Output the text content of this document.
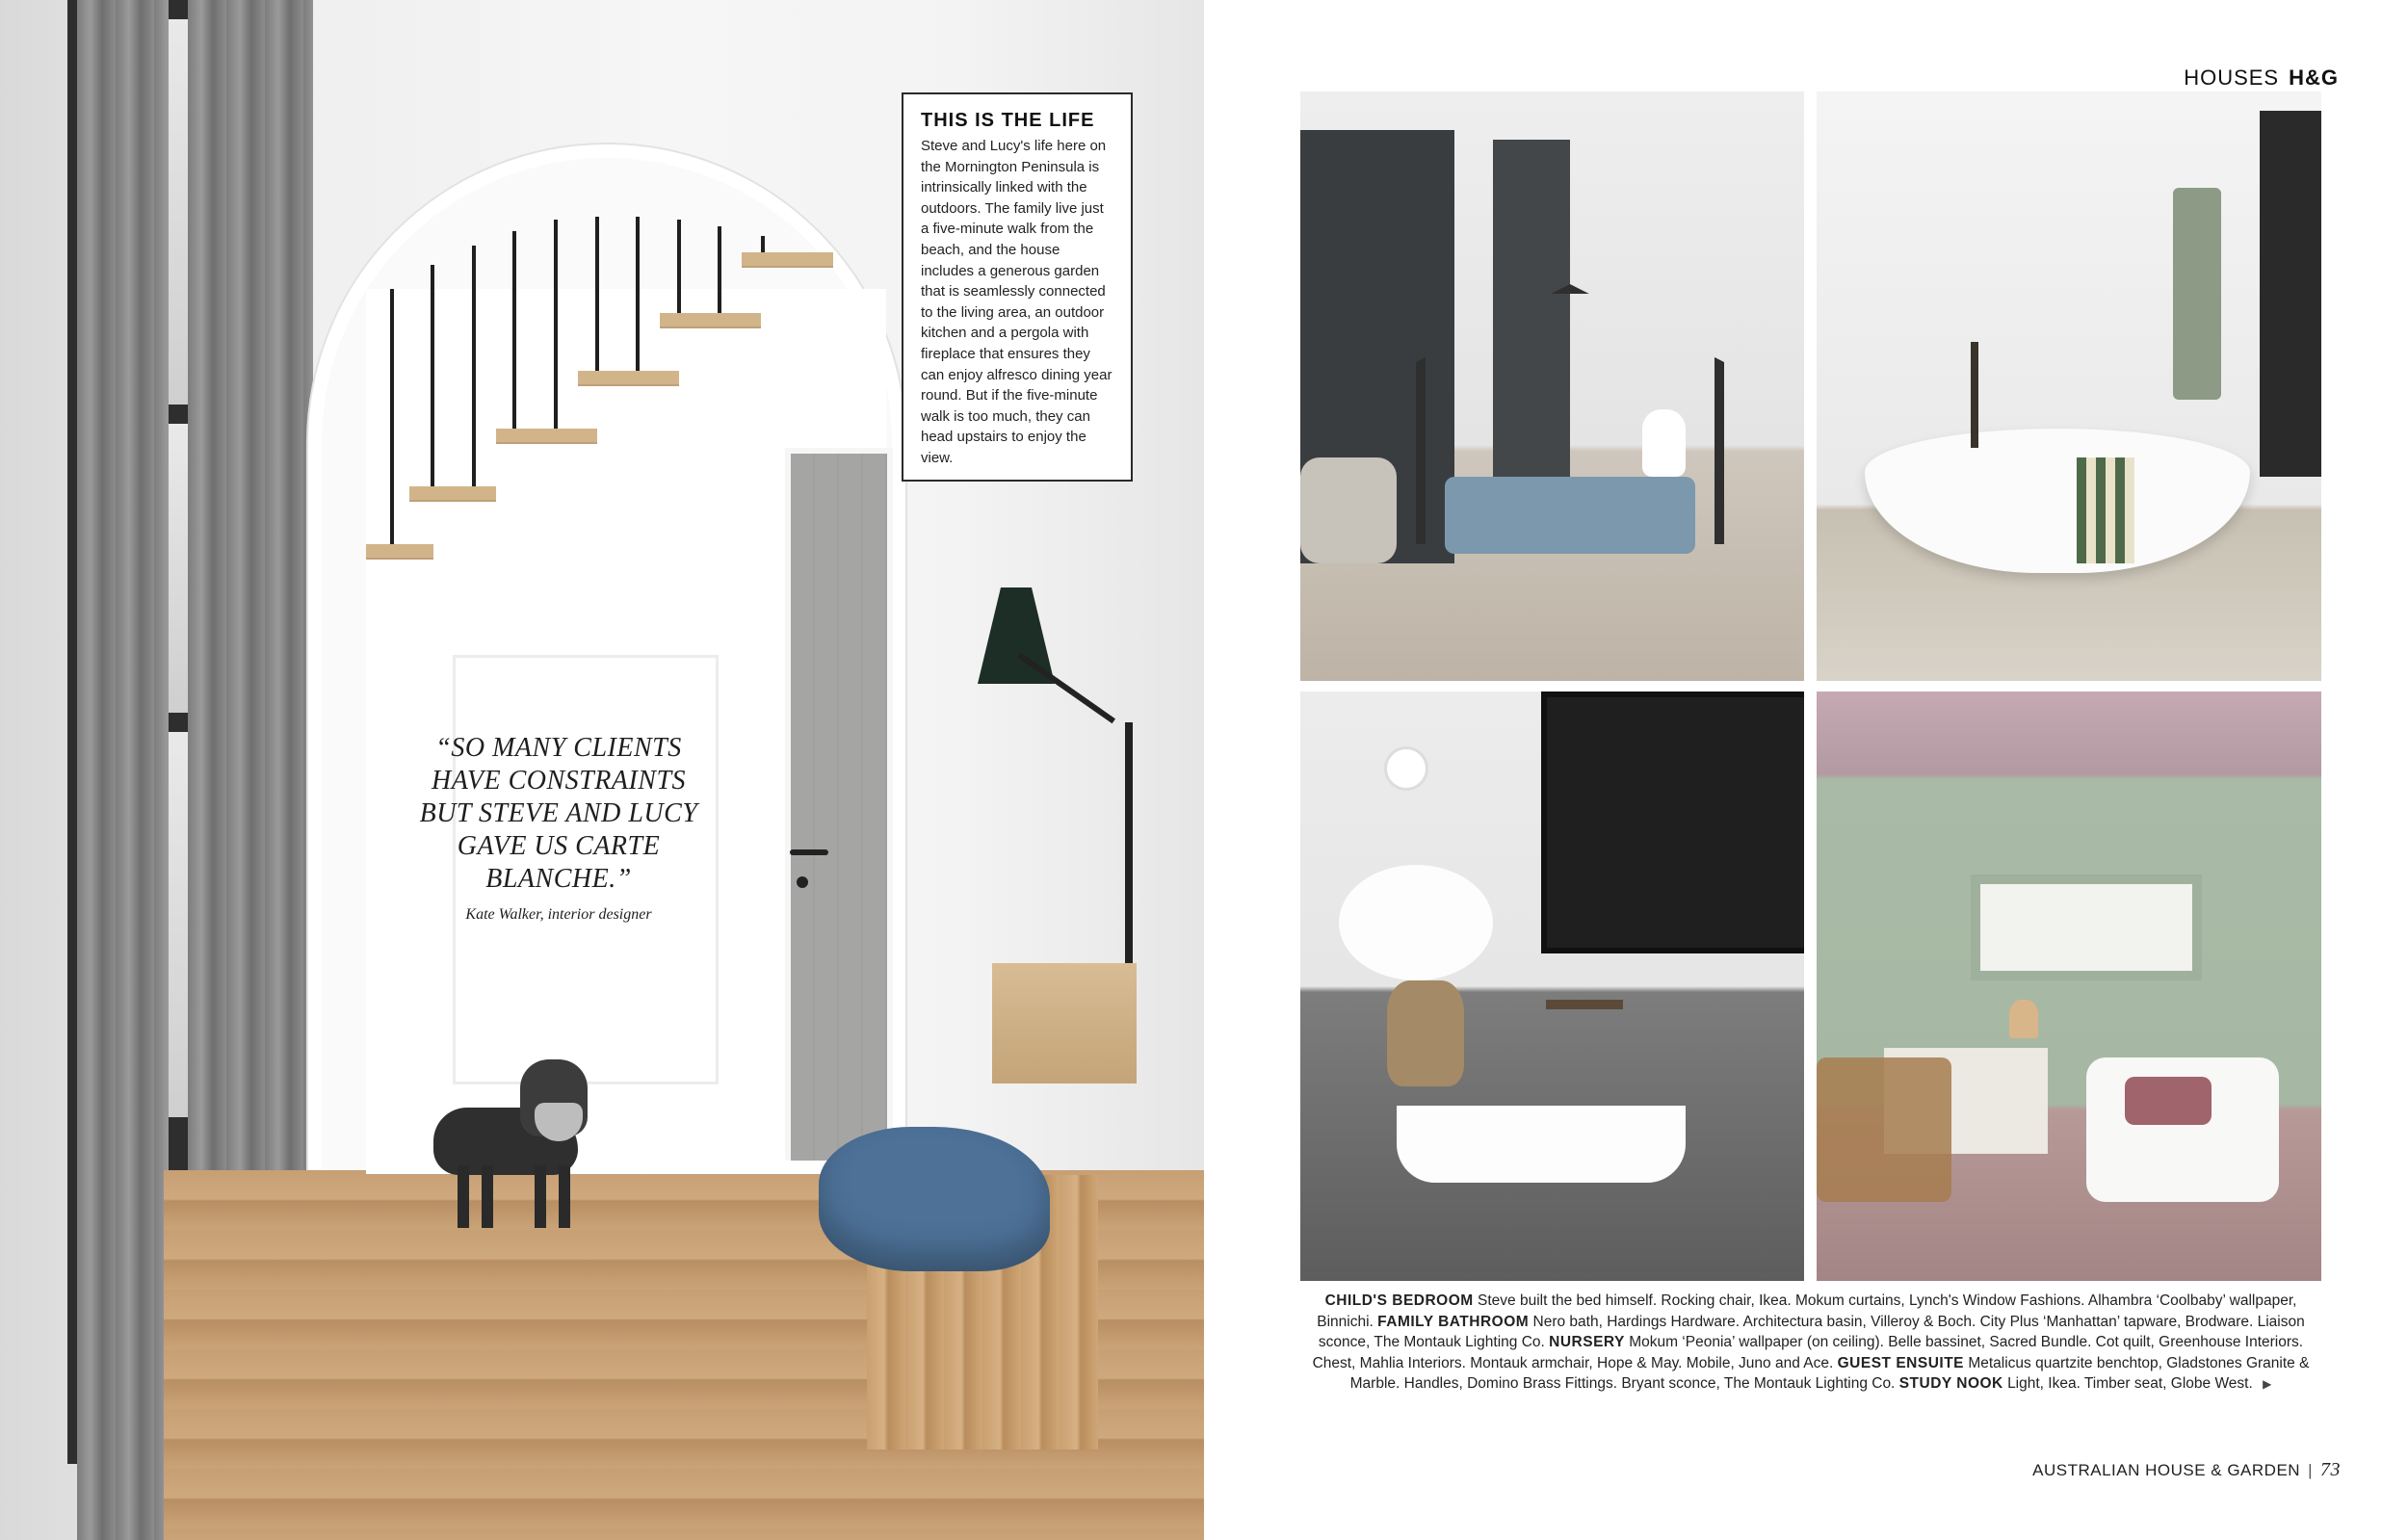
“SO MANY CLIENTS HAVE CONSTRAINTS BUT STEVE AND LUCY GAVE US CARTE BLANCHE.”
Kate Walker, interior designer

THIS IS THE LIFE

Steve and Lucy's life here on the Mornington Peninsula is intrinsically linked with the outdoors. The family live just a five-minute walk from the beach, and the house includes a generous garden that is seamlessly connected to the living area, an outdoor kitchen and a pergola with fireplace that ensures they can enjoy alfresco dining year round. But if the five-minute walk is too much, they can head upstairs to enjoy the view.

HOUSES H&G
CHILD'S BEDROOM Steve built the bed himself. Rocking chair, Ikea. Mokum curtains, Lynch's Window Fashions. Alhambra ‘Coolbaby’ wallpaper, Binnichi. FAMILY BATHROOM Nero bath, Hardings Hardware. Architectura basin, Villeroy & Boch. City Plus ‘Manhattan’ tapware, Brodware. Liaison sconce, The Montauk Lighting Co. NURSERY Mokum ‘Peonia’ wallpaper (on ceiling). Belle bassinet, Sacred Bundle. Cot quilt, Greenhouse Interiors. Chest, Mahlia Interiors. Montauk armchair, Hope & May. Mobile, Juno and Ace. GUEST ENSUITE Metalicus quartzite benchtop, Gladstones Granite & Marble. Handles, Domino Brass Fittings. Bryant sconce, The Montauk Lighting Co. STUDY NOOK Light, Ikea. Timber seat, Globe West. ▶
AUSTRALIAN HOUSE & GARDEN | 73
